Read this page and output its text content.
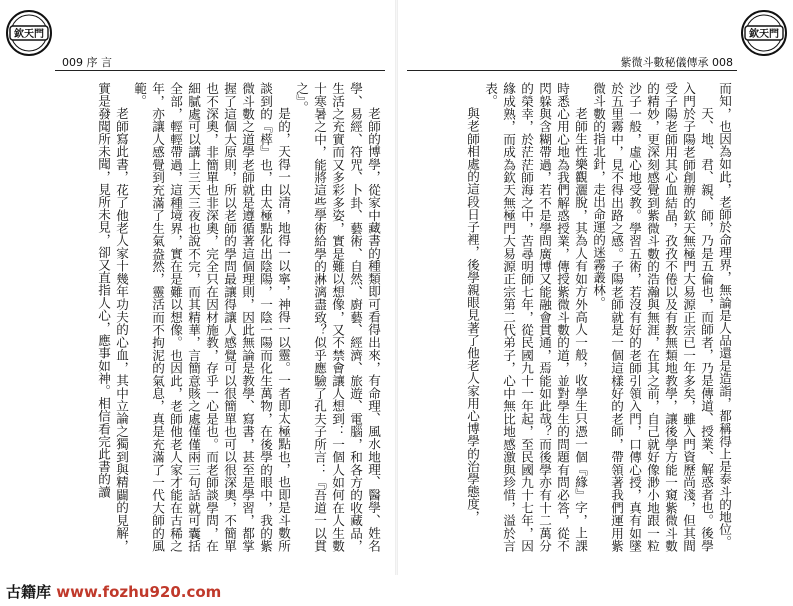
欽天門
009 序 言

老師的博學，從家中藏書的種類即可看得出來，有命理、風水地理、醫學、姓名學、易經、符咒、卜卦、藝術、自然、廚藝、經濟、旅遊、電腦，和各方的收藏品，生活之充實而又多彩多姿，實是難以想像，又不禁會讓人想到：一個人如何在人生數十寒暑之中，能將這些學術給學的淋漓盡致？似乎應驗了孔夫子所言：『吾道一以貫之』。

是的，天得一以清，地得一以寧，神得一以靈。一者即太極點也，也即是斗數所談到的『㯜』也，由太極點化出陰陽，一陰一陽而化生萬物，在後學的眼中，我的紫微斗數之道學老師就是遵循著這個理則，因此無論是教學、寫書，甚至是學習，都掌握了這個大原則，所以老師的學問最讓得讓人感覺可以很簡單也可以很深奧，不簡單也不深奧，非簡單也非深奧，完全只在因材施教，存乎一心是也。而老師談學問，在細膩處可以講上三天三夜也說不完，而其精華，言簡意賅之處僅僅兩三句話就可囊括全部，輕輕帶過，這種境界，實在是難以想像。也因此，老師他老人家才能在古稀之年，亦讓人感覺到充滿了生氣盎然，靈活而不拘泥的氣息，真是充滿了一代大師的風範。

老師寫此書，花了他老人家十幾年功夫的心血，其中立論之獨到與精闢的見解，實是發聞所未聞，見所未見，卻又直指人心，應事如神。相信看完此書的讀

欽天門
紫微斗數秘儀傳承 008

而知，也因為如此，老師於命理界，無論是人品還是造詣，都稱得上是泰斗的地位。

天、地、君、親、師，乃是五倫也，而師者，乃是傳道、授業、解惑者也。後學入門於子陽老師創辦的欽天無極門大易源正宗已一年多矣，雖入門資歷尚淺，但其間受子陽老師用其心血結晶，孜孜不倦以及有教無類地教學，讓後學方能一窺紫微斗數的精妙，更深刻感覺到紫微斗數的浩瀚與無涯，在其之前，自己就好像渺小地跟一粒沙子一般，虛心地受教。學習五術，若沒有好的老師引領入門，口傳心授，真有如墜於五里霧中，見不得出路之感。子陽老師就是一個這樣好的老師，帶領著我們運用紫微斗數的指北針，走出命運的迷霧叢林。

老師生性樂觀灑脫，其為人有如方外高人一般，收學生只憑一個『緣』字，上課時悉心用心地為我們解惑授業，傳授紫微斗數的道，並對學生的問題有問必答，從不閃躲與含糊帶過，若不是學問廣博又能融會貫通，焉能如此哉？而後學亦有十二萬分的榮幸，於茫茫師海之中，苦尋明師七年，從民國九十一年起，至民國九十七年，因緣成熟，而成為欽天無極門大易源正宗第二代弟子，心中無比地感激與珍惜，溢於言表。

與老師相處的這段日子裡，後學親眼見著了他老人家用心博學的治學態度，

古籍库 www.fozhu920.com
